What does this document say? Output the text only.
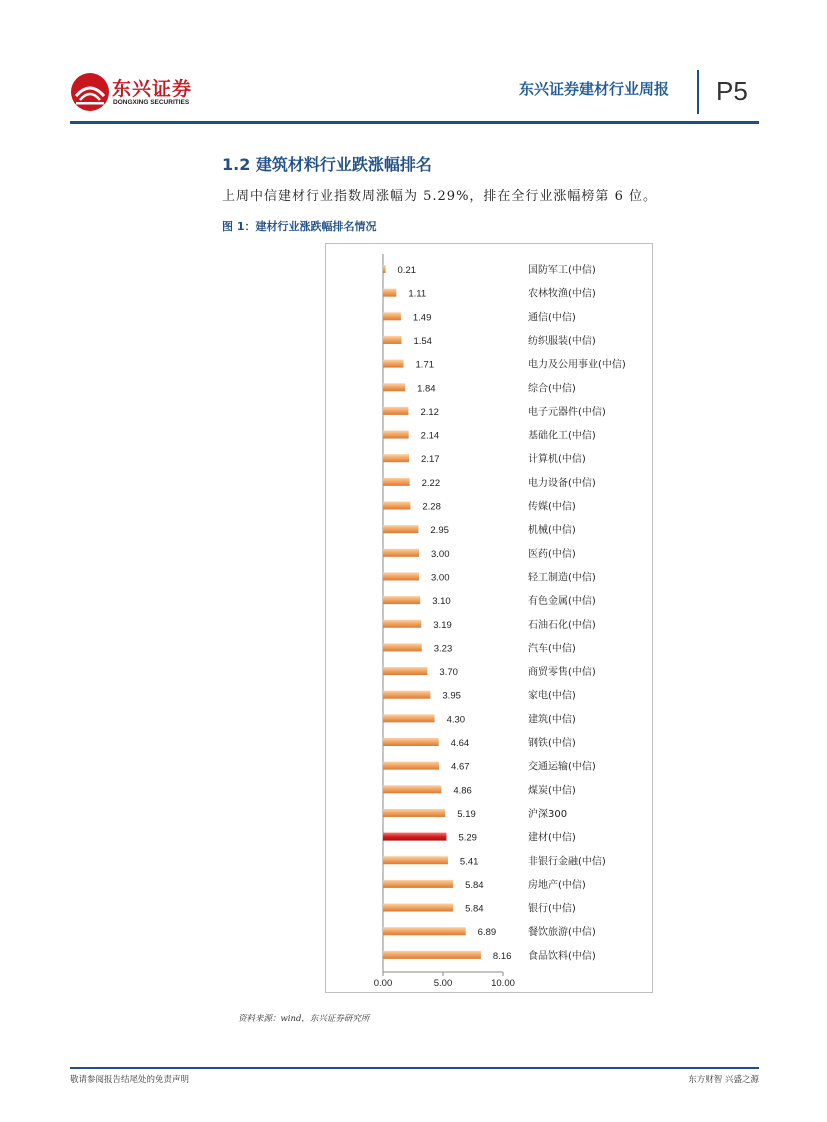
东兴证券
DONGXING SECURITIES
东兴证券建材行业周报 P5
1.2 建筑材料行业跌涨幅排名
上周中信建材行业指数周涨幅为 5.29%，排在全行业涨幅榜第 6 位。
图 1：建材行业涨跌幅排名情况
0.21	国防军工(中信)
1.11	农林牧渔(中信)
1.49	通信(中信)
1.54	纺织服装(中信)
1.71	电力及公用事业(中信)
1.84	综合(中信)
2.12	电子元器件(中信)
2.14	基础化工(中信)
2.17	计算机(中信)
2.22	电力设备(中信)
2.28	传媒(中信)
2.95	机械(中信)
3.00	医药(中信)
3.00	轻工制造(中信)
3.10	有色金属(中信)
3.19	石油石化(中信)
3.23	汽车(中信)
3.70	商贸零售(中信)
3.95	家电(中信)
4.30	建筑(中信)
4.64	钢铁(中信)
4.67	交通运输(中信)
4.86	煤炭(中信)
5.19	沪深300
5.29	建材(中信)
5.41	非银行金融(中信)
5.84	房地产(中信)
5.84	银行(中信)
6.89	餐饮旅游(中信)
8.16 食品饮料(中信)
0.00	5.00	10.00
资料来源：wind，东兴证券研究所
敬请参阅报告结尾处的免责声明	东方财智 兴盛之源
